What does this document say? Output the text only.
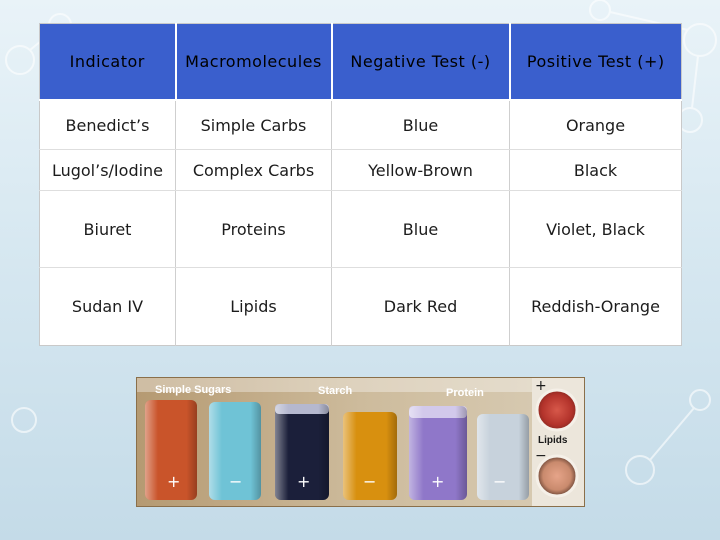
Indicator	Macromolecules	Negative Test (-)	Positive Test (+)
Benedict’s	Simple Carbs	Blue	Orange
Lugol’s/Iodine	Complex Carbs	Yellow-Brown	Black
Biuret	Proteins	Blue	Violet, Black
Sudan IV	Lipids	Dark Red	Reddish-Orange
Simple Sugars	Starch	Protein
Lipids
+	−	+	−	+	−
+
−
